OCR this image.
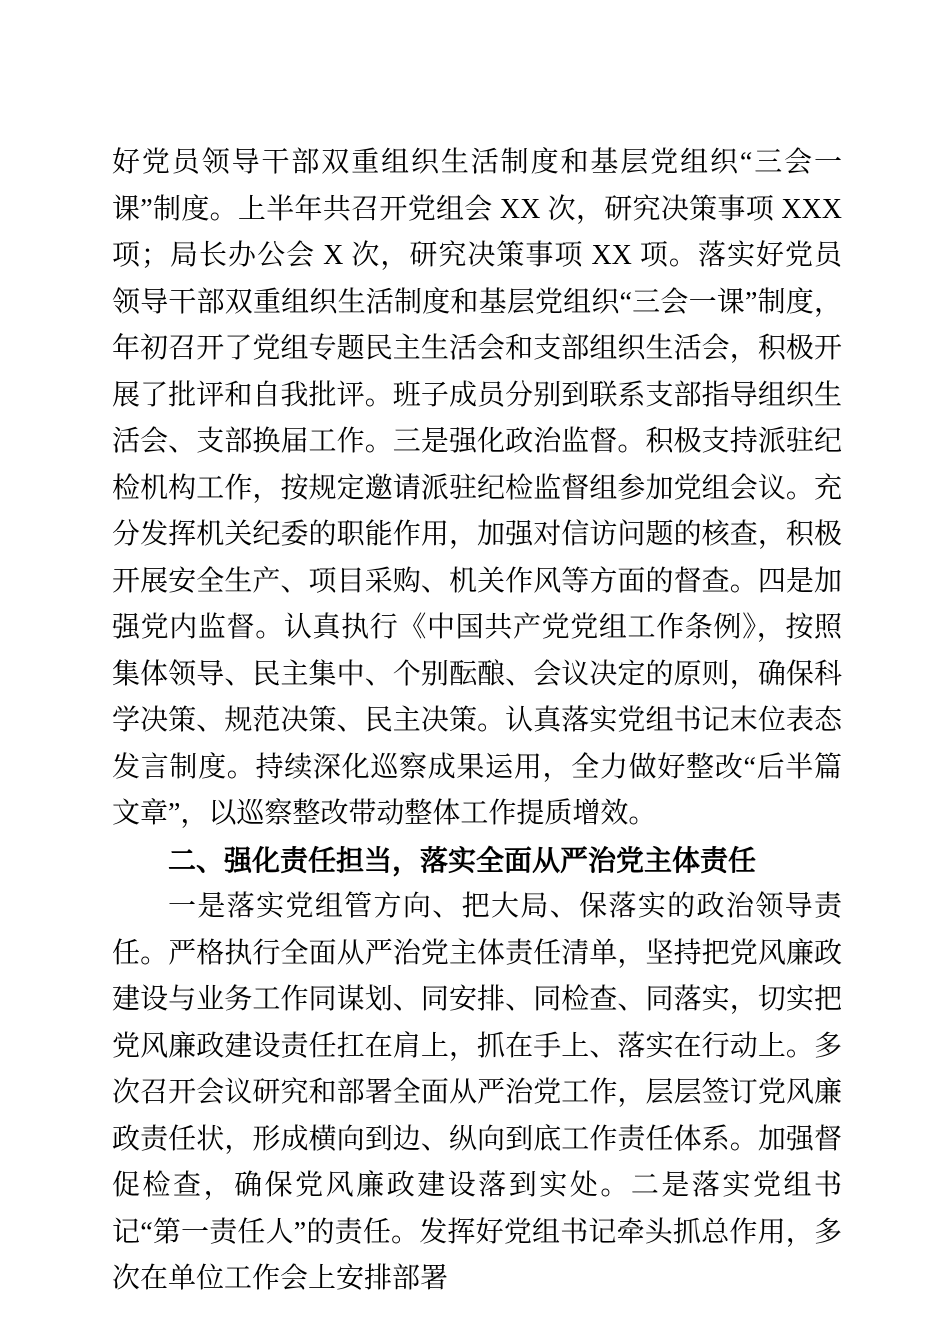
好党员领导干部双重组织生活制度和基层党组织“三会一课”制度。上半年共召开党组会 XX 次，研究决策事项 XXX 项；局长办公会 X 次，研究决策事项 XX 项。落实好党员领导干部双重组织生活制度和基层党组织“三会一课”制度，年初召开了党组专题民主生活会和支部组织生活会，积极开展了批评和自我批评。班子成员分别到联系支部指导组织生活会、支部换届工作。三是强化政治监督。积极支持派驻纪检机构工作，按规定邀请派驻纪检监督组参加党组会议。充分发挥机关纪委的职能作用，加强对信访问题的核查，积极开展安全生产、项目采购、机关作风等方面的督查。四是加强党内监督。认真执行《中国共产党党组工作条例》，按照集体领导、民主集中、个别酝酿、会议决定的原则，确保科学决策、规范决策、民主决策。认真落实党组书记末位表态发言制度。持续深化巡察成果运用，全力做好整改“后半篇文章”，以巡察整改带动整体工作提质增效。

二、强化责任担当，落实全面从严治党主体责任

一是落实党组管方向、把大局、保落实的政治领导责任。严格执行全面从严治党主体责任清单，坚持把党风廉政建设与业务工作同谋划、同安排、同检查、同落实，切实把党风廉政建设责任扛在肩上，抓在手上、落实在行动上。多次召开会议研究和部署全面从严治党工作，层层签订党风廉政责任状，形成横向到边、纵向到底工作责任体系。加强督促检查，确保党风廉政建设落到实处。二是落实党组书记“第一责任人”的责任。发挥好党组书记牵头抓总作用，多次在单位工作会上安排部署
